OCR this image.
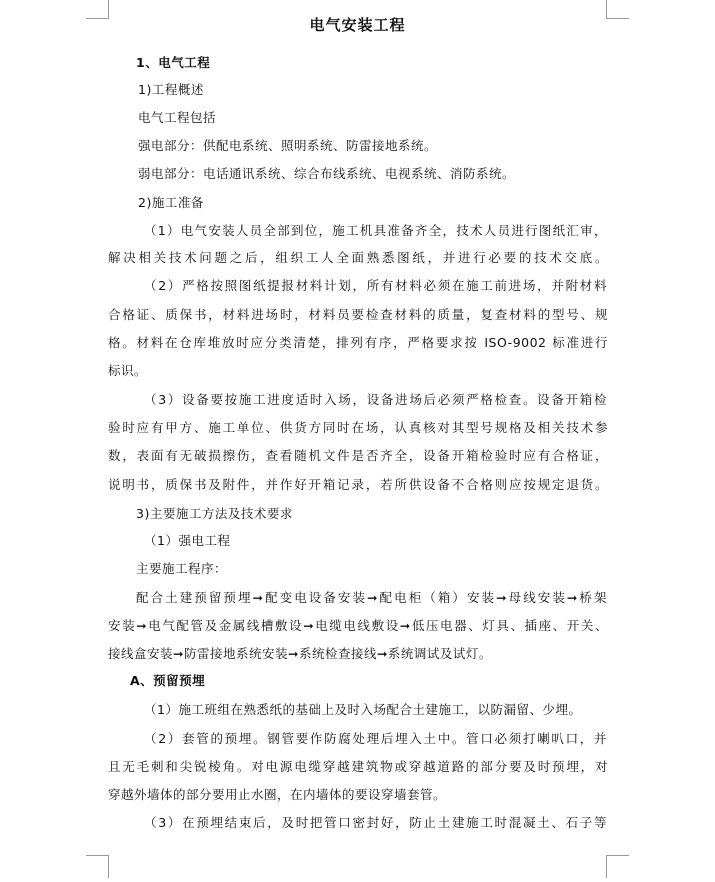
电气安装工程
1、电气工程
1)工程概述
电气工程包括
强电部分：供配电系统、照明系统、防雷接地系统。
弱电部分：电话通讯系统、综合布线系统、电视系统、消防系统。
2)施工准备
（1）电气安装人员全部到位，施工机具准备齐全，技术人员进行图纸汇审，
解决相关技术问题之后，组织工人全面熟悉图纸，并进行必要的技术交底。
（2）严格按照图纸提报材料计划，所有材料必须在施工前进场，并附材料
合格证、质保书，材料进场时，材料员要检查材料的质量，复查材料的型号、规
格。材料在仓库堆放时应分类清楚，排列有序，严格要求按 ISO-9002 标准进行
标识。
（3）设备要按施工进度适时入场，设备进场后必须严格检查。设备开箱检
验时应有甲方、施工单位、供货方同时在场，认真核对其型号规格及相关技术参
数，表面有无破损擦伤，查看随机文件是否齐全，设备开箱检验时应有合格证，
说明书，质保书及附件，并作好开箱记录，若所供设备不合格则应按规定退货。
3)主要施工方法及技术要求
（1）强电工程
主要施工程序：
配合土建预留预埋➞配变电设备安装➞配电柜（箱）安装➞母线安装➞桥架
安装➞电气配管及金属线槽敷设➞电缆电线敷设➞低压电器、灯具、插座、开关、
接线盒安装➞防雷接地系统安装➞系统检查接线➞系统调试及试灯。
A、预留预埋
（1）施工班组在熟悉纸的基础上及时入场配合土建施工，以防漏留、少埋。
（2）套管的预埋。钢管要作防腐处理后埋入土中。管口必须打喇叭口，并
且无毛刺和尖锐棱角。对电源电缆穿越建筑物或穿越道路的部分要及时预埋，对
穿越外墙体的部分要用止水圈，在内墙体的要设穿墙套管。
（3）在预埋结束后，及时把管口密封好，防止土建施工时混凝土、石子等
